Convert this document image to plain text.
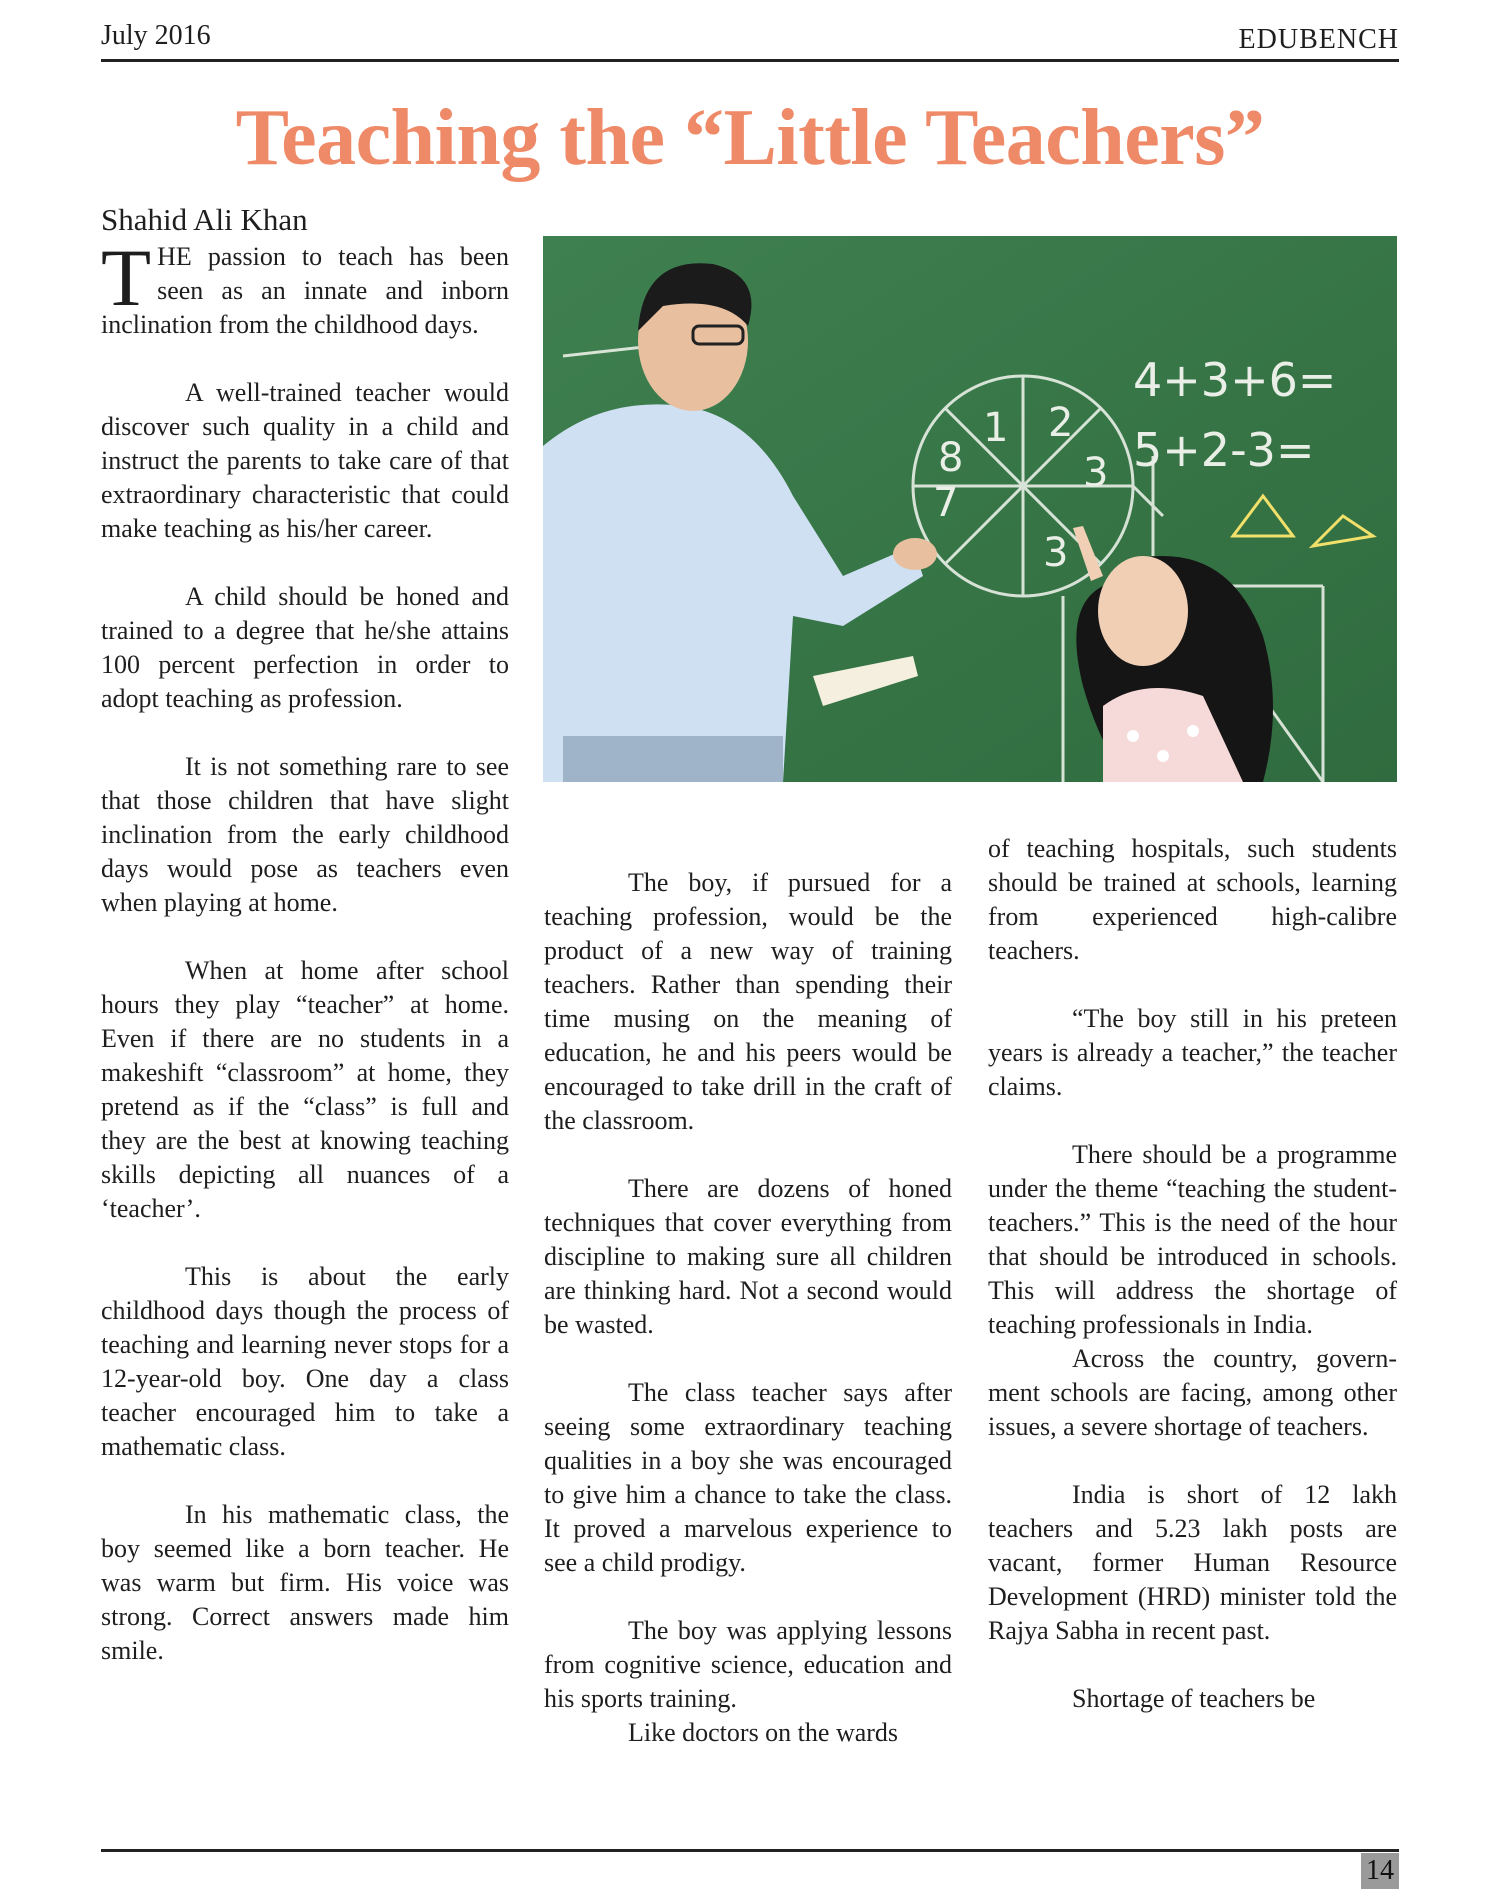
July 2016	EDUBENCH
Teaching the “Little Teachers”
Shahid Ali Khan

THE passion to teach has been seen as an innate and inborn inclination from the childhood days.

A well-trained teacher would discover such quality in a child and instruct the parents to take care of that extraordinary characteristic that could make teaching as his/her career.

A child should be honed and trained to a degree that he/​she attains 100 percent perfection in order to adopt teaching as profession.

It is not something rare to see that those children that have slight inclination from the early childhood days would pose as teachers even when playing at home.

When at home after school hours they play “teacher” at home. Even if there are no students in a makeshift “classroom” at home, they pretend as if the “class” is full and they are the best at knowing teaching skills depicting all nuances of a ‘teacher’.

This is about the early childhood days though the process of teaching and learning never stops for a 12-year-old boy. One day a class teacher encouraged him to take a mathematic class.

In his mathematic class, the boy seemed like a born teacher. He was warm but firm. His voice was strong. Correct answers made him smile.

1 2
3
3
7
8
4+3+6=
5+2-3=

The boy, if pursued for a teaching profession, would be the product of a new way of training teachers. Rather than spending their time musing on the meaning of education, he and his peers would be encouraged to take drill in the craft of the classroom.

There are dozens of honed techniques that cover everything from discipline to making sure all children are thinking hard. Not a second would be wasted.

The class teacher says after seeing some extraordinary teaching qualities in a boy she was encouraged to give him a chance to take the class. It proved a marvelous experience to see a child prodigy.

The boy was applying lessons from cognitive science, education and his sports training.

Like doctors on the wards

of teaching hospitals, such students should be trained at schools, learning from experienced high-calibre teachers.

“The boy still in his preteen years is already a teacher,” the teacher claims.

There should be a programme under the theme “teaching the student-teachers.” This is the need of the hour that should be introduced in schools. This will address the shortage of teaching professionals in India.

Across the country, government schools are facing, among other issues, a severe shortage of teachers.

India is short of 12 lakh teachers and 5.23 lakh posts are vacant, former Human Resource Development (HRD) minister told the Rajya Sabha in recent past.

Shortage of teachers be

14
